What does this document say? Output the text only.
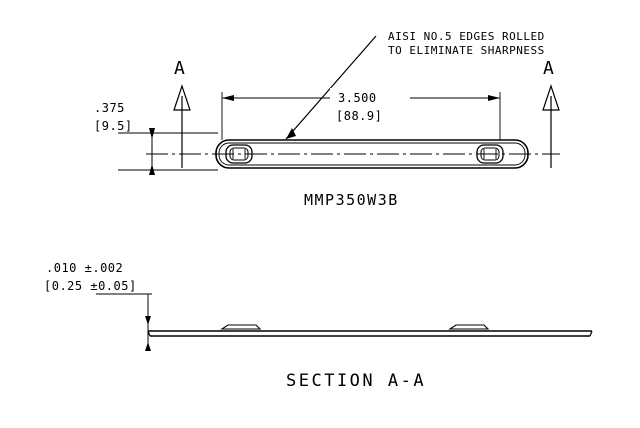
AISI NO.5 EDGES ROLLED
TO ELIMINATE SHARPNESS
3.500
[88.9]
.375
[9.5]
.010 ±.002
[0.25 ±0.05]
A	A
MMP350W3B
SECTION A-A
